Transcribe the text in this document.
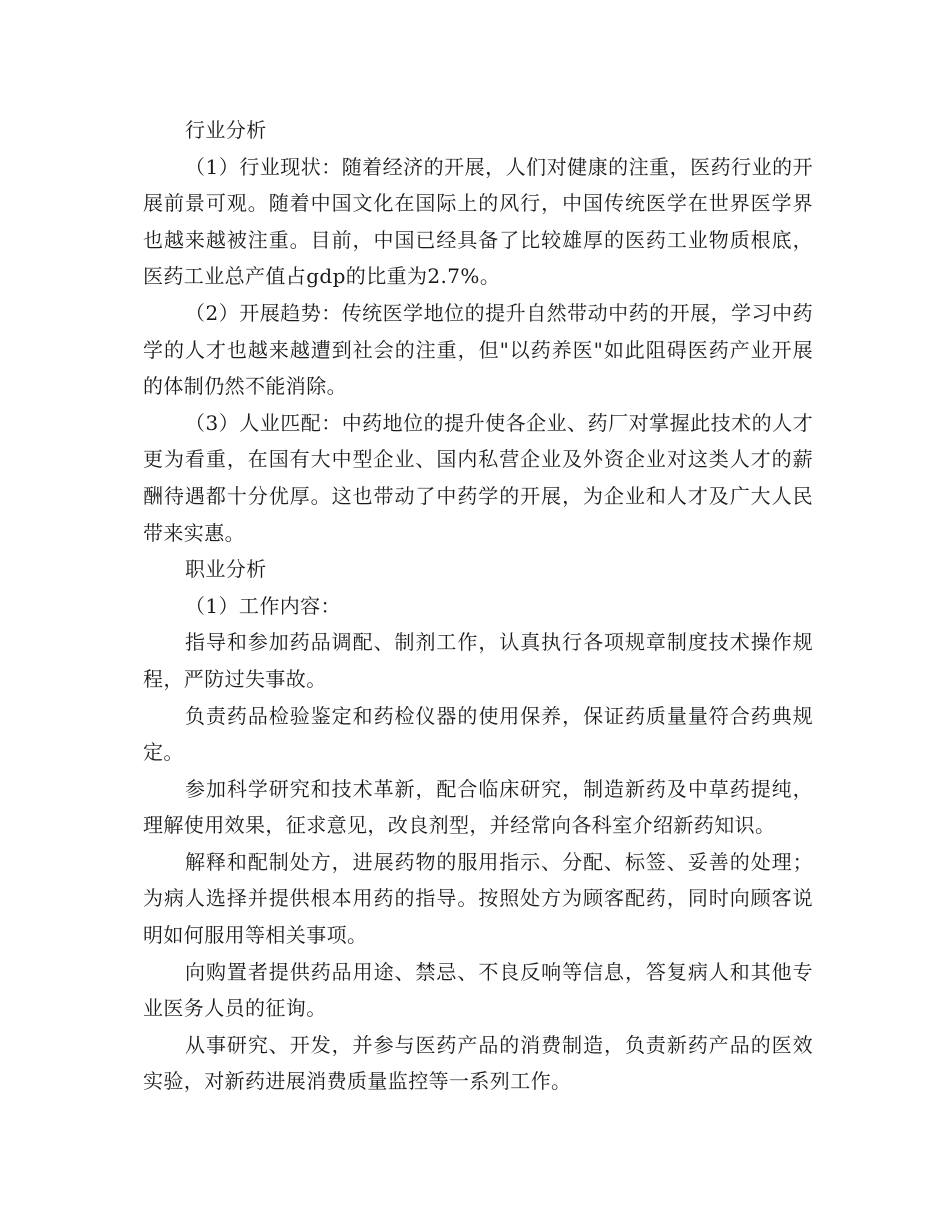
行业分析

（1）行业现状：随着经济的开展，人们对健康的注重，医药行业的开展前景可观。随着中国文化在国际上的风行，中国传统医学在世界医学界也越来越被注重。目前，中国已经具备了比较雄厚的医药工业物质根底，医药工业总产值占gdp的比重为2.7%。

（2）开展趋势：传统医学地位的提升自然带动中药的开展，学习中药学的人才也越来越遭到社会的注重，但"以药养医"如此阻碍医药产业开展的体制仍然不能消除。

（3）人业匹配：中药地位的提升使各企业、药厂对掌握此技术的人才更为看重，在国有大中型企业、国内私营企业及外资企业对这类人才的薪酬待遇都十分优厚。这也带动了中药学的开展，为企业和人才及广大人民带来实惠。

职业分析

（1）工作内容：

指导和参加药品调配、制剂工作，认真执行各项规章制度技术操作规程，严防过失事故。

负责药品检验鉴定和药检仪器的使用保养，保证药质量量符合药典规定。

参加科学研究和技术革新，配合临床研究，制造新药及中草药提纯，理解使用效果，征求意见，改良剂型，并经常向各科室介绍新药知识。

解释和配制处方，进展药物的服用指示、分配、标签、妥善的处理；为病人选择并提供根本用药的指导。按照处方为顾客配药，同时向顾客说明如何服用等相关事项。

向购置者提供药品用途、禁忌、不良反响等信息，答复病人和其他专业医务人员的征询。

从事研究、开发，并参与医药产品的消费制造，负责新药产品的医效实验，对新药进展消费质量监控等一系列工作。
